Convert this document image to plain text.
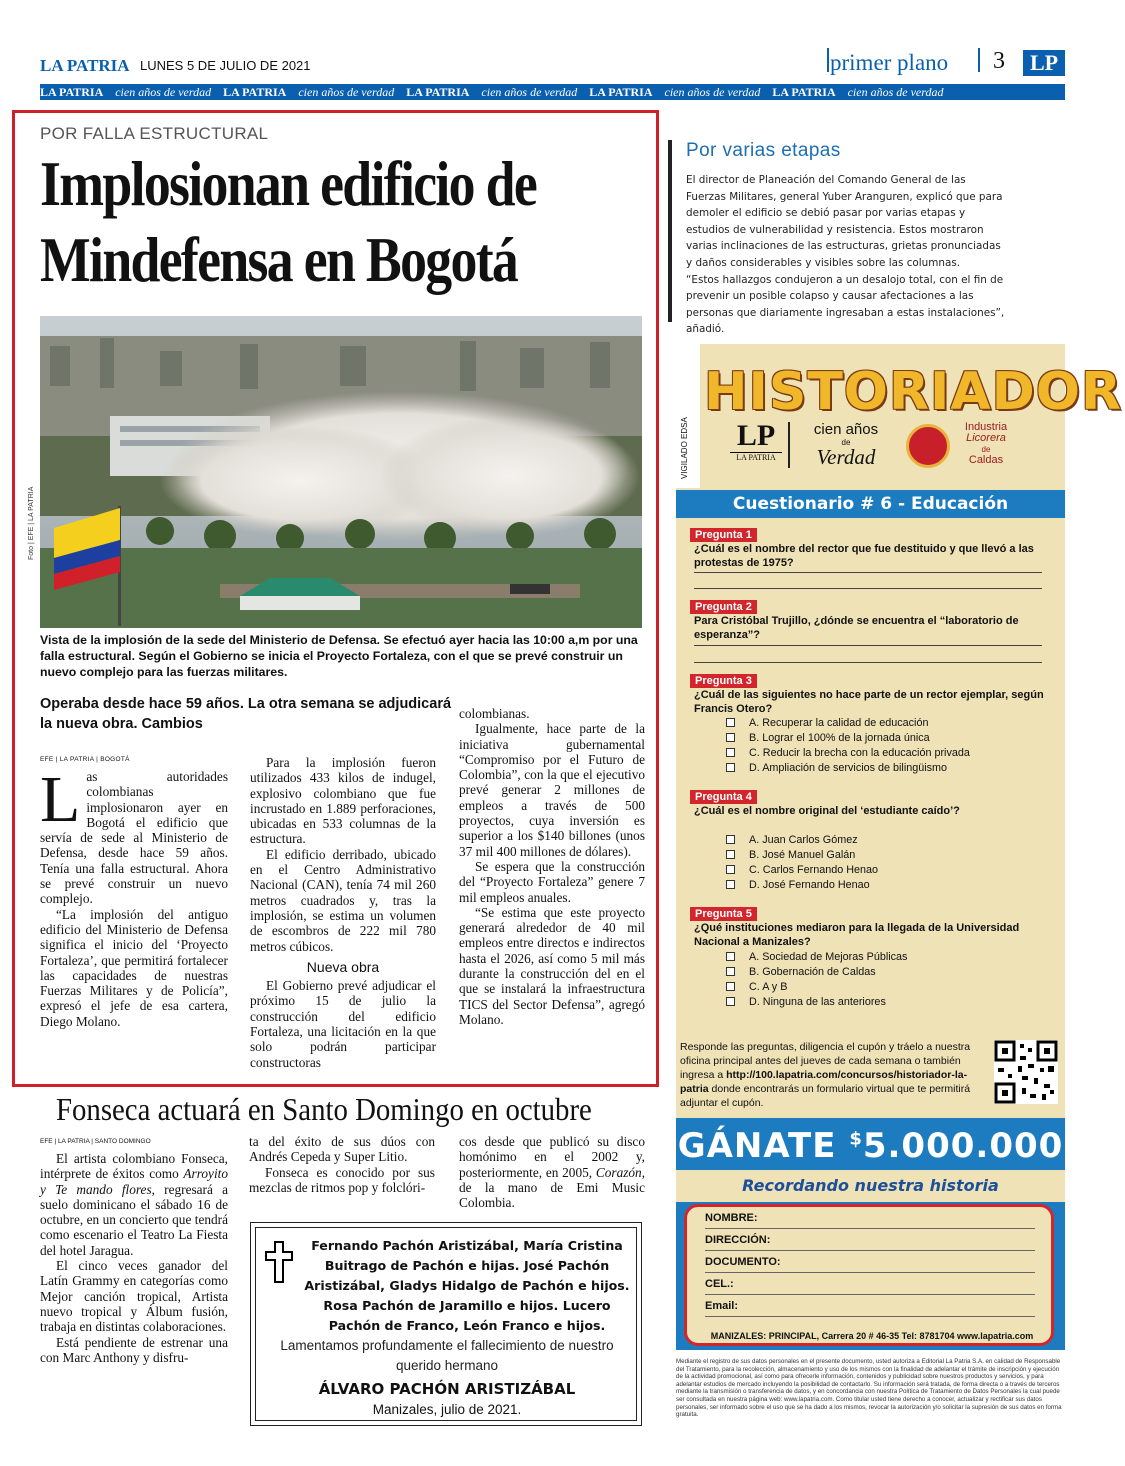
LA PATRIA LUNES 5 DE JULIO DE 2021	primer plano 3	LP
LA PATRIA cien años de verdad LA PATRIA cien años de verdad LA PATRIA cien años de verdad LA PATRIA cien años de verdad LA PATRIA cien años de verdad
POR FALLA ESTRUCTURAL
Implosionan edificio de
Mindefensa en Bogotá
Foto | EFE | LA PATRIA
Vista de la implosión de la sede del Ministerio de Defensa. Se efectuó ayer hacia las 10:00 a,m por una falla estructural. Según el Gobierno se inicia el Proyecto Fortaleza, con el que se prevé construir un nuevo complejo para las fuerzas militares.
Operaba desde hace 59 años. La otra semana se adjudicará la nueva obra. Cambios
EFE | LA PATRIA | BOGOTÁ
L as autoridades colombianas implosionaron ayer en Bogotá el edificio que servía de sede al Ministerio de Defensa, desde hace 59 años. Tenía una falla estructural. Ahora se prevé construir un nuevo complejo.

“La implosión del antiguo edificio del Ministerio de Defensa significa el inicio del ‘Proyecto Fortaleza’, que permitirá fortalecer las capacidades de nuestras Fuerzas Militares y de Policía”, expresó el jefe de esa cartera, Diego Molano.

Para la implosión fueron utilizados 433 kilos de indugel, explosivo colombiano que fue incrustado en 1.889 perforaciones, ubicadas en 533 columnas de la estructura.

El edificio derribado, ubicado en el Centro Administrativo Nacional (CAN), tenía 74 mil 260 metros cuadrados y, tras la implosión, se estima un volumen de escombros de 222 mil 780 metros cúbicos.

Nueva obra

El Gobierno prevé adjudicar el próximo 15 de julio la construcción del edificio Fortaleza, una licitación en la que solo podrán participar constructoras

colombianas.

Igualmente, hace parte de la iniciativa gubernamental “Compromiso por el Futuro de Colombia”, con la que el ejecutivo prevé generar 2 millones de empleos a través de 500 proyectos, cuya inversión es superior a los $140 billones (unos 37 mil 400 millones de dólares).

Se espera que la construcción del “Proyecto Fortaleza” genere 7 mil empleos anuales.

“Se estima que este proyecto generará alrededor de 40 mil empleos entre directos e indirectos hasta el 2026, así como 5 mil más durante la construcción del en el que se instalará la infraestructura TICS del Sector Defensa”, agregó Molano.

Por varias etapas

El director de Planeación del Comando General de las Fuerzas Militares, general Yuber Aranguren, explicó que para demoler el edificio se debió pasar por varias etapas y estudios de vulnerabilidad y resistencia. Estos mostraron varias inclinaciones de las estructuras, grietas pronunciadas y daños considerables y visibles sobre las columnas.

“Estos hallazgos condujeron a un desalojo total, con el fin de prevenir un posible colapso y causar afectaciones a las personas que diariamente ingresaban a estas instalaciones”, añadió.

VIGILADO EDSA
HISTORIADOR
LP
LA PATRIA
cien años
de
Verdad
Industria
Licorera
de
Caldas
Cuestionario # 6 - Educación
Pregunta 1
¿Cuál es el nombre del rector que fue destituido y que llevó a las protestas de 1975?
Pregunta 2
Para Cristóbal Trujillo, ¿dónde se encuentra el “laboratorio de esperanza”?
Pregunta 3
¿Cuál de las siguientes no hace parte de un rector ejemplar, según Francis Otero?
A. Recuperar la calidad de educación
B. Lograr el 100% de la jornada única
C. Reducir la brecha con la educación privada
D. Ampliación de servicios de bilingüismo
Pregunta 4
¿Cuál es el nombre original del ‘estudiante caído’?
A. Juan Carlos Gómez
B. José Manuel Galán
C. Carlos Fernando Henao
D. José Fernando Henao
Pregunta 5
¿Qué instituciones mediaron para la llegada de la Universidad Nacional a Manizales?
A. Sociedad de Mejoras Públicas
B. Gobernación de Caldas
C. A y B
D. Ninguna de las anteriores
Responde las preguntas, diligencia el cupón y tráelo a nuestra oficina principal antes del jueves de cada semana o también ingresa a http://100.lapatria.com/concursos/historiador-la-patria donde encontrarás un formulario virtual que te permitirá adjuntar el cupón.
GÁNATE $5.000.000
Recordando nuestra historia
NOMBRE:
DIRECCIÓN:
DOCUMENTO:
CEL.:
Email:
MANIZALES: PRINCIPAL, Carrera 20 # 46-35 Tel: 8781704 www.lapatria.com
Mediante el registro de sus datos personales en el presente documento, usted autoriza a Editorial La Patria S.A. en calidad de Responsable del Tratamiento, para la recolección, almacenamiento y uso de los mismos con la finalidad de adelantar el trámite de inscripción y ejecución de la actividad promocional, así como para ofrecerle información, contenidos y publicidad sobre nuestros productos y servicios, y para adelantar estudios de mercado incluyendo la posibilidad de contactarlo. Su información será tratada, de forma directa o a través de terceros mediante la transmisión o transferencia de datos, y en concordancia con nuestra Política de Tratamiento de Datos Personales la cual puede ser consultada en nuestra página web: www.lapatria.com. Como titular usted tiene derecho a conocer, actualizar y rectificar sus datos personales, ser informado sobre el uso que se ha dado a los mismos, revocar la autorización y/o solicitar la supresión de sus datos en forma gratuita.
Fonseca actuará en Santo Domingo en octubre
EFE | LA PATRIA | SANTO DOMINGO

El artista colombiano Fonseca, intérprete de éxitos como Arroyito y Te mando flores, regresará a suelo dominicano el sábado 16 de octubre, en un concierto que tendrá como escenario el Teatro La Fiesta del hotel Jaragua.

El cinco veces ganador del Latín Grammy en categorías como Mejor canción tropical, Artista nuevo tropical y Álbum fusión, trabaja en distintas colaboraciones.

Está pendiente de estrenar una con Marc Anthony y disfru-

ta del éxito de sus dúos con Andrés Cepeda y Super Litio.

Fonseca es conocido por sus mezclas de ritmos pop y folclóri-

cos desde que publicó su disco homónimo en el 2002 y, posteriormente, en 2005, Corazón, de la mano de Emi Music Colombia.

Fernando Pachón Aristizábal, María Cristina Buitrago de Pachón e hijas. José Pachón Aristizábal, Gladys Hidalgo de Pachón e hijos. Rosa Pachón de Jaramillo e hijos. Lucero Pachón de Franco, León Franco e hijos.
Lamentamos profundamente el fallecimiento de nuestro querido hermano
ÁLVARO PACHÓN ARISTIZÁBAL
Manizales, julio de 2021.
